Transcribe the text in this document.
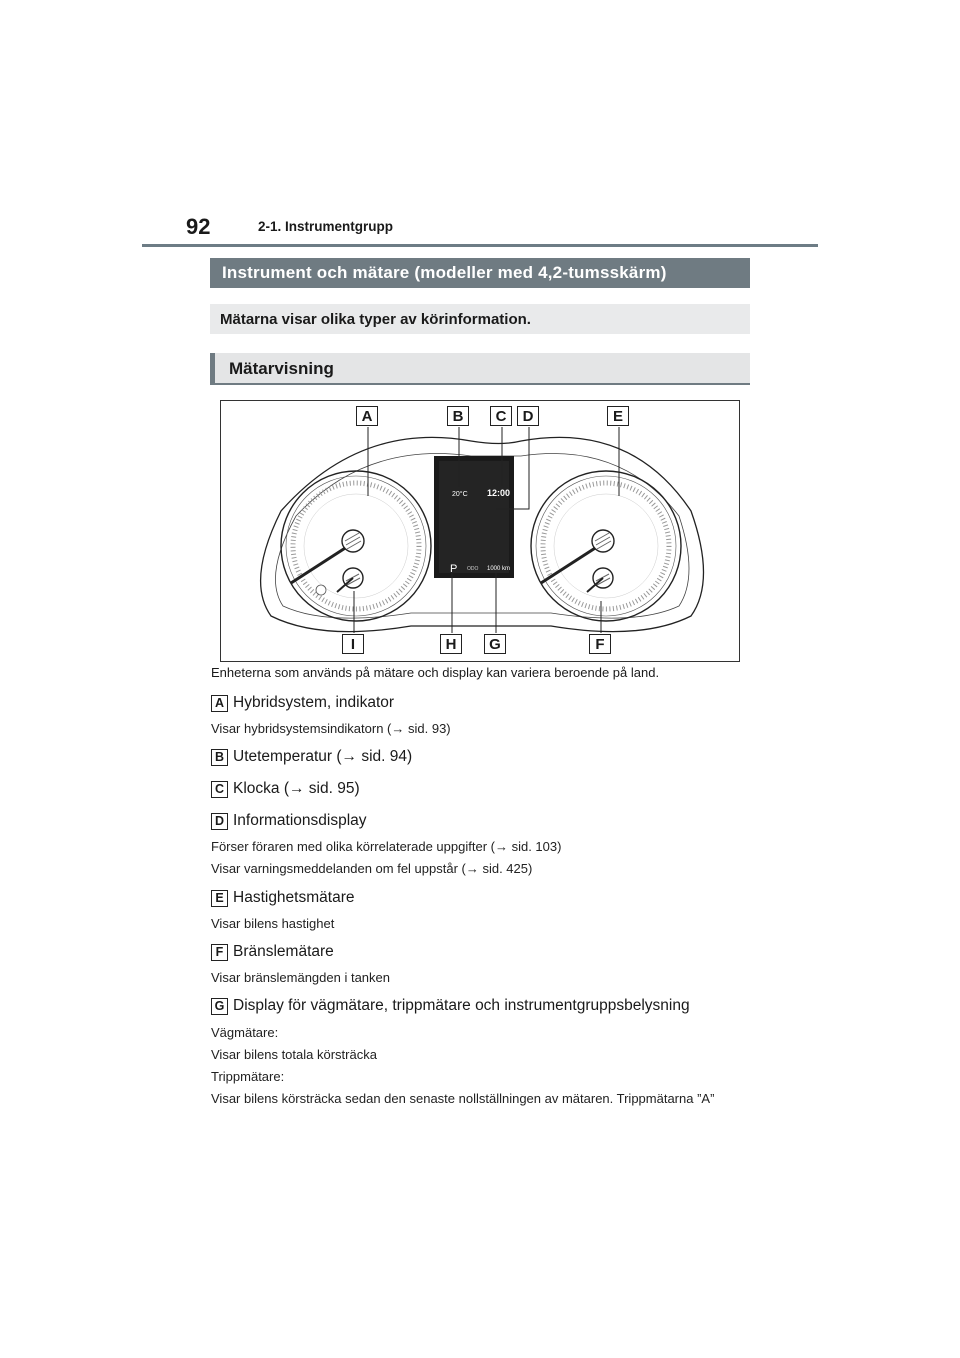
92	2-1. Instrumentgrupp
Instrument och mätare (modeller med 4,2-tumsskärm)
Mätarna visar olika typer av körinformation.
Mätarvisning
20°C 12:00
P ODO 1000 km
A	B	C	D	E
I	H	G	F
Enheterna som används på mätare och display kan variera beroende på land.
A Hybridsystem, indikator
Visar hybridsystemsindikatorn (→ sid. 93)
B Utetemperatur (→ sid. 94)
C Klocka (→ sid. 95)
D Informationsdisplay
Förser föraren med olika körrelaterade uppgifter (→ sid. 103)
Visar varningsmeddelanden om fel uppstår (→ sid. 425)
E Hastighetsmätare
Visar bilens hastighet
F Bränslemätare
Visar bränslemängden i tanken
G Display för vägmätare, trippmätare och instrumentgruppsbelysning
Vägmätare:
Visar bilens totala körsträcka
Trippmätare:
Visar bilens körsträcka sedan den senaste nollställningen av mätaren. Trippmätarna ”A”
